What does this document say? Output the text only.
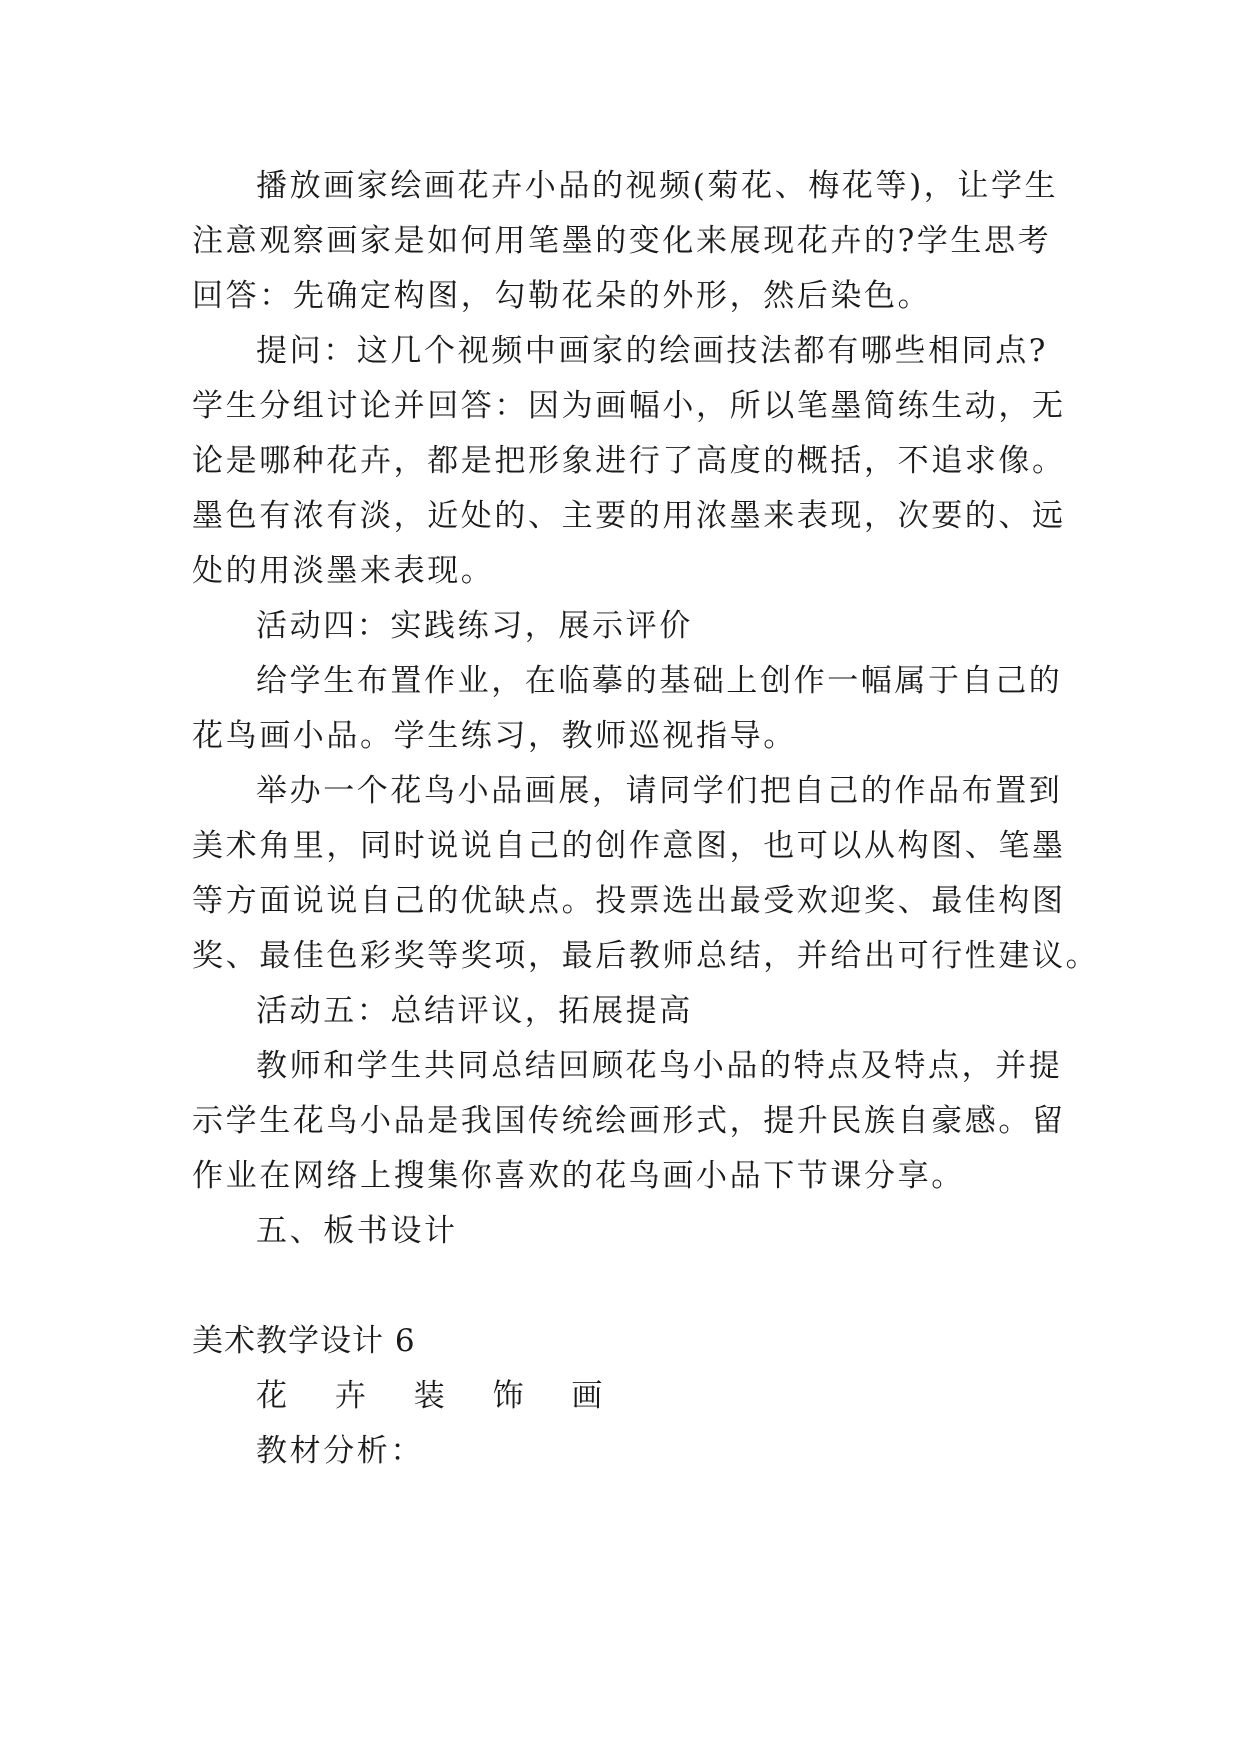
播放画家绘画花卉小品的视频(菊花、梅花等)，让学生
注意观察画家是如何用笔墨的变化来展现花卉的?学生思考
回答：先确定构图，勾勒花朵的外形，然后染色。
提问：这几个视频中画家的绘画技法都有哪些相同点?
学生分组讨论并回答：因为画幅小，所以笔墨简练生动，无
论是哪种花卉，都是把形象进行了高度的概括，不追求像。
墨色有浓有淡，近处的、主要的用浓墨来表现，次要的、远
处的用淡墨来表现。
活动四：实践练习，展示评价
给学生布置作业，在临摹的基础上创作一幅属于自己的
花鸟画小品。学生练习，教师巡视指导。
举办一个花鸟小品画展，请同学们把自己的作品布置到
美术角里，同时说说自己的创作意图，也可以从构图、笔墨
等方面说说自己的优缺点。投票选出最受欢迎奖、最佳构图
奖、最佳色彩奖等奖项，最后教师总结，并给出可行性建议。
活动五：总结评议，拓展提高
教师和学生共同总结回顾花鸟小品的特点及特点，并提
示学生花鸟小品是我国传统绘画形式，提升民族自豪感。留
作业在网络上搜集你喜欢的花鸟画小品下节课分享。
五、板书设计
美术教学设计 6
花 卉 装 饰 画
教材分析：
